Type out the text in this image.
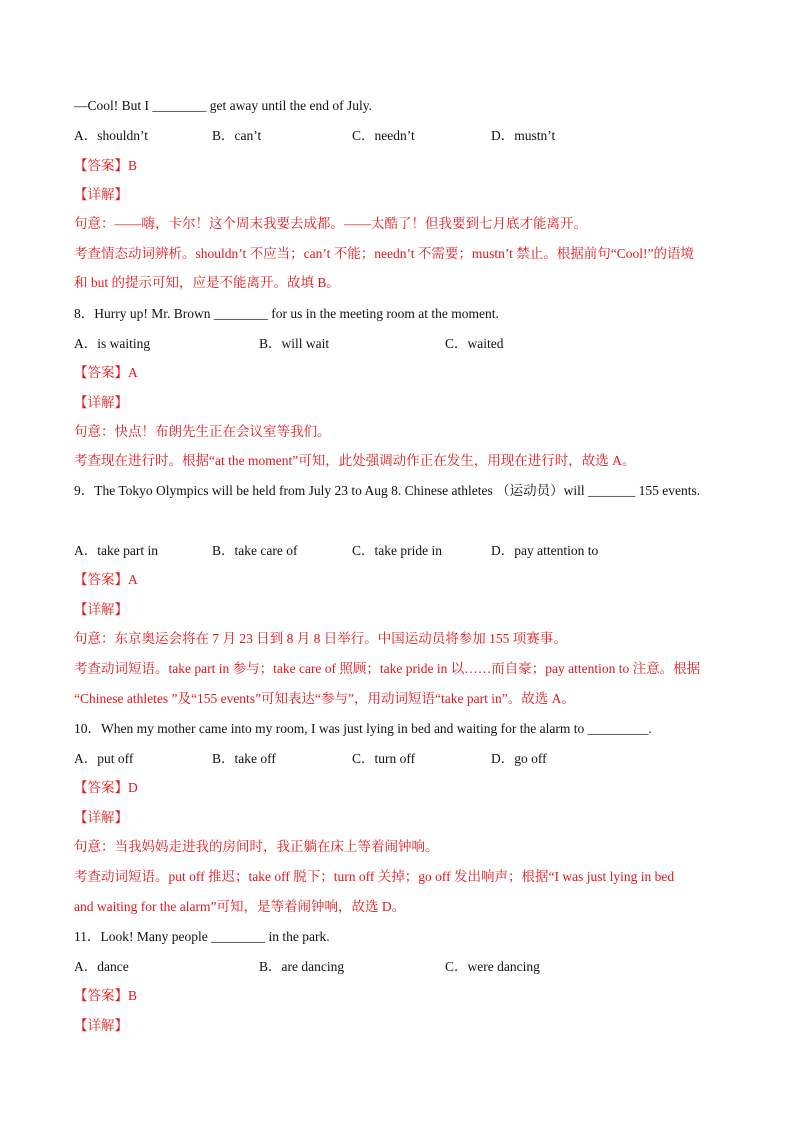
—Cool! But I ________ get away until the end of July.
A．shouldn’t	B．can’t	C．needn’t	D．mustn’t
【答案】B
【详解】
句意：——嗨，卡尔！这个周末我要去成都。——太酷了！但我要到七月底才能离开。
考查情态动词辨析。shouldn’t 不应当；can’t 不能；needn’t 不需要；mustn’t 禁止。根据前句“Cool!”的语境
和 but 的提示可知，应是不能离开。故填 B。
8．Hurry up! Mr. Brown ________ for us in the meeting room at the moment.
A．is waiting	B．will wait	C．waited
【答案】A
【详解】
句意：快点！布朗先生正在会议室等我们。
考查现在进行时。根据“at the moment”可知，此处强调动作正在发生，用现在进行时，故选 A。
9．The Tokyo Olympics will be held from July 23 to Aug 8. Chinese athletes （运动员）will _______ 155 events.
A．take part in	B．take care of	C．take pride in	D．pay attention to
【答案】A
【详解】
句意：东京奥运会将在 7 月 23 日到 8 月 8 日举行。中国运动员将参加 155 项赛事。
考查动词短语。take part in 参与；take care of 照顾；take pride in 以……而自豪；pay attention to 注意。根据
“Chinese athletes ”及“155 events”可知表达“参与”，用动词短语“take part in”。故选 A。
10．When my mother came into my room, I was just lying in bed and waiting for the alarm to _________.
A．put off	B．take off	C．turn off	D．go off
【答案】D
【详解】
句意：当我妈妈走进我的房间时，我正躺在床上等着闹钟响。
考查动词短语。put off 推迟；take off 脱下；turn off 关掉；go off 发出响声；根据“I was just lying in bed
and waiting for the alarm”可知，是等着闹钟响，故选 D。
11．Look! Many people ________ in the park.
A．dance	B．are dancing	C．were dancing
【答案】B
【详解】
